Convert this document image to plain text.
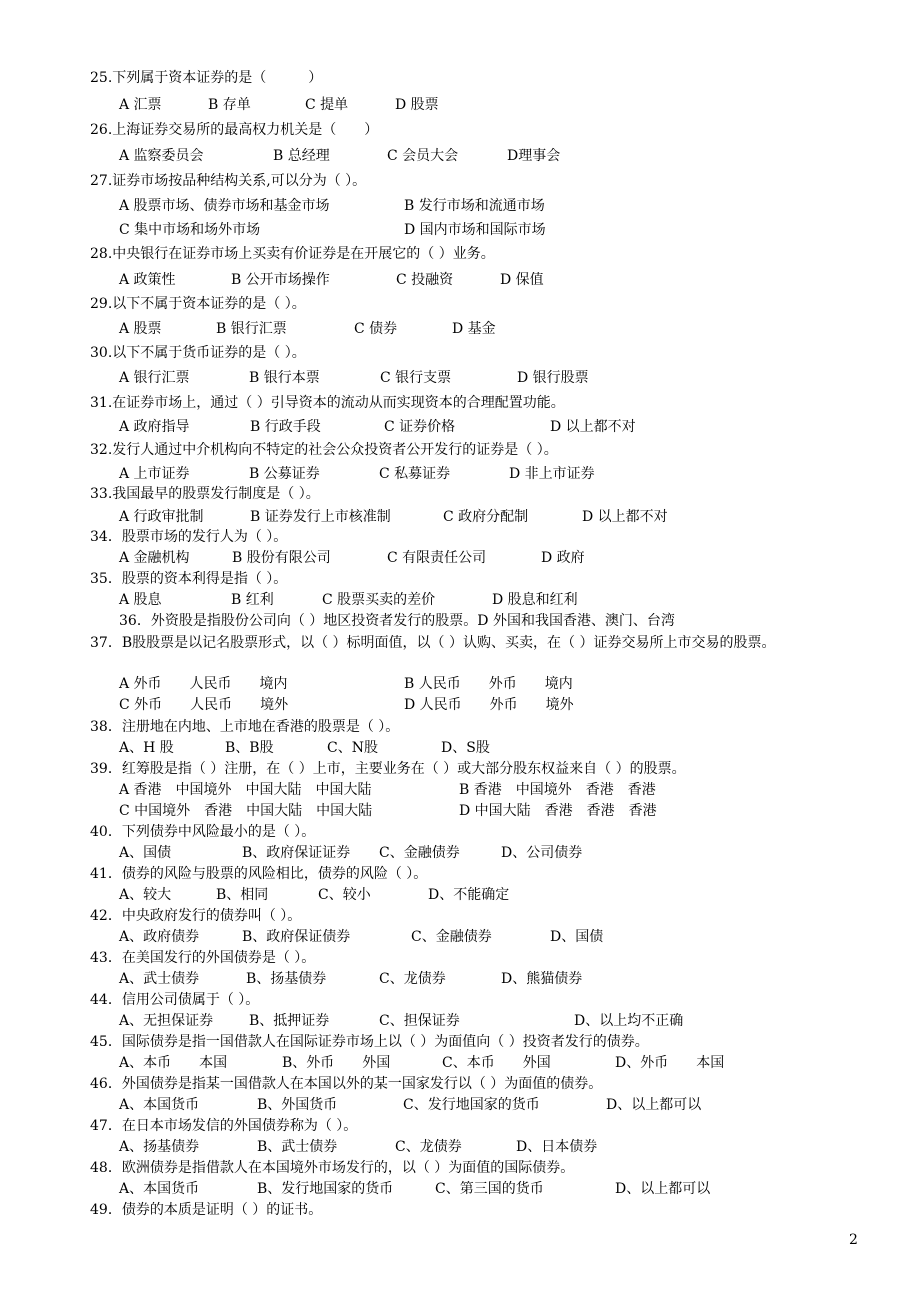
25.下列属于资本证券的是（　　　）
A 汇票	B 存单	C 提单	D 股票
26.上海证券交易所的最高权力机关是（　　）
A 监察委员会	B 总经理	C 会员大会	D理事会
27.证券市场按品种结构关系,可以分为（ ）。
A 股票市场、债券市场和基金市场	B 发行市场和流通市场
C 集中市场和场外市场	D 国内市场和国际市场
28.中央银行在证券市场上买卖有价证券是在开展它的（ ）业务。
A 政策性	B 公开市场操作	C 投融资	D 保值
29.以下不属于资本证券的是（ ）。
A 股票	B 银行汇票	C 债券	D 基金
30.以下不属于货币证券的是（ ）。
A 银行汇票	B 银行本票	C 银行支票	D 银行股票
31.在证券市场上，通过（ ）引导资本的流动从而实现资本的合理配置功能。
A 政府指导	B 行政手段	C 证券价格	D 以上都不对
32.发行人通过中介机构向不特定的社会公众投资者公开发行的证券是（ ）。
A 上市证券	B 公募证券	C 私募证券	D 非上市证券
33.我国最早的股票发行制度是（ ）。
A 行政审批制	B 证券发行上市核准制	C 政府分配制	D 以上都不对
34．股票市场的发行人为（ ）。
A 金融机构	B 股份有限公司	C 有限责任公司	D 政府
35．股票的资本利得是指（ ）。
A 股息	B 红利	C 股票买卖的差价	D 股息和红利
36．外资股是指股份公司向（ ）地区投资者发行的股票。D 外国和我国香港、澳门、台湾
37．B股股票是以记名股票形式，以（ ）标明面值，以（ ）认购、买卖，在（ ）证券交易所上市交易的股票。
A 外币　　人民币　　境内	B 人民币　　外币　　境内
C 外币　　人民币　　境外	D 人民币　　外币　　境外
38．注册地在内地、上市地在香港的股票是（ ）。
A、H 股	B、B股	C、N股	D、S股
39．红筹股是指（ ）注册，在（ ）上市，主要业务在（ ）或大部分股东权益来自（ ）的股票。
A 香港　中国境外　中国大陆　中国大陆	B 香港　中国境外　香港　香港
C 中国境外　香港　中国大陆　中国大陆	D 中国大陆　香港　香港　香港
40．下列债券中风险最小的是（ ）。
A、国债	B、政府保证证券 C、金融债券	D、公司债券
41．债券的风险与股票的风险相比，债券的风险（ ）。
A、较大	B、相同	C、较小	D、不能确定
42．中央政府发行的债券叫（ ）。
A、政府债券	B、政府保证债券	C、金融债券	D、国债
43．在美国发行的外国债券是（ ）。
A、武士债券	B、扬基债券	C、龙债券	D、熊猫债券
44．信用公司债属于（ ）。
A、无担保证券	B、抵押证券	C、担保证券	D、以上均不正确
45．国际债券是指一国借款人在国际证券市场上以（ ）为面值向（ ）投资者发行的债券。
A、本币　　本国	B、外币　　外国	C、本币　　外国	D、外币　　本国
46．外国债券是指某一国借款人在本国以外的某一国家发行以（ ）为面值的债券。
A、本国货币	B、外国货币	C、发行地国家的货币	D、以上都可以
47．在日本市场发信的外国债券称为（ ）。
A、扬基债券	B、武士债券	C、龙债券	D、日本债券
48．欧洲债券是指借款人在本国境外市场发行的，以（ ）为面值的国际债券。
A、本国货币	B、发行地国家的货币	C、第三国的货币	D、以上都可以
49．债券的本质是证明（ ）的证书。
2
